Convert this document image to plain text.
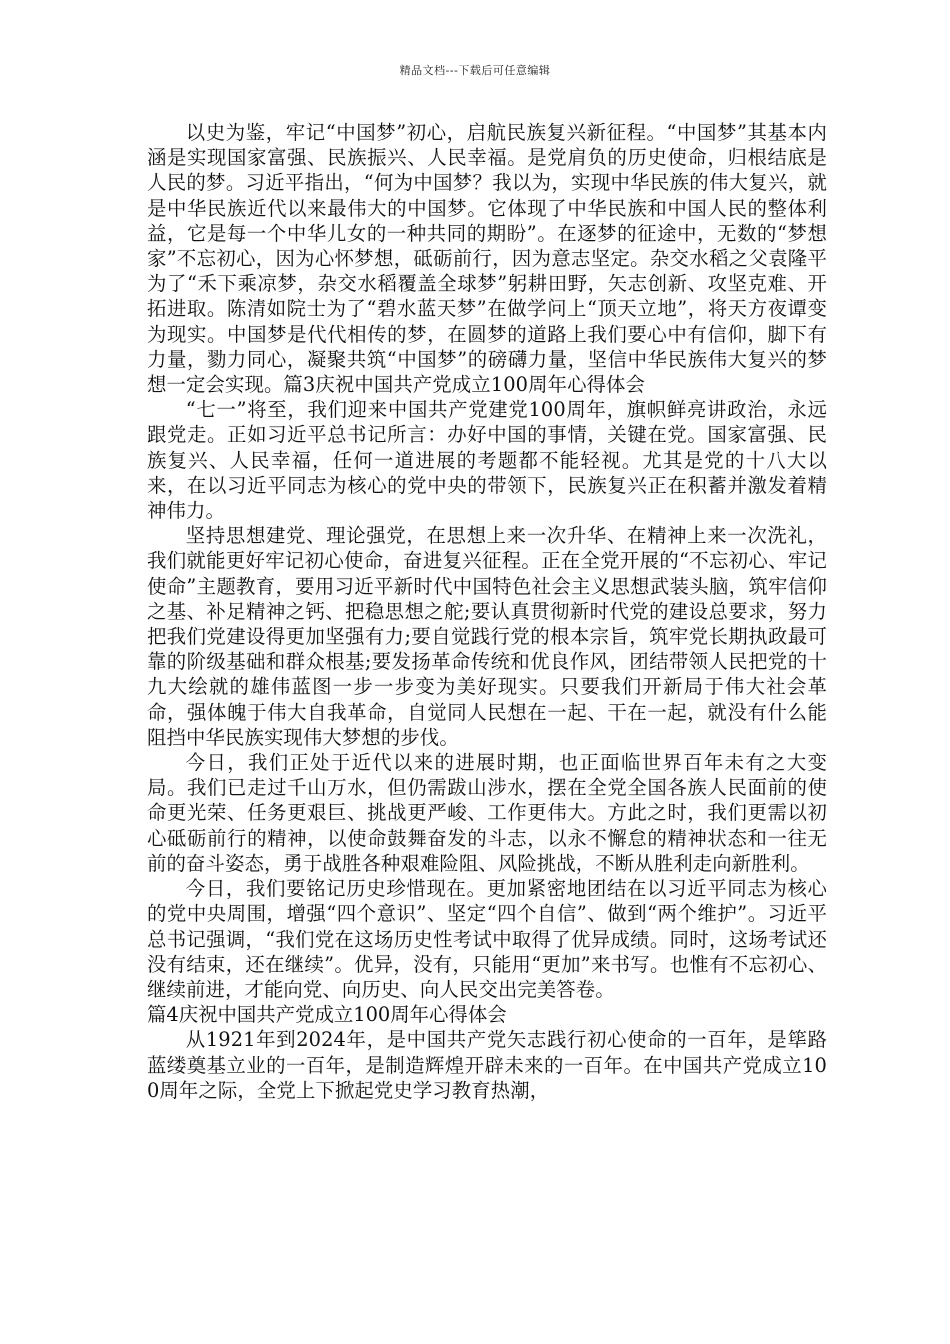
精品文档---下载后可任意编辑

以史为鉴，牢记“中国梦”初心，启航民族复兴新征程。“中国梦”其基本内涵是实现国家富强、民族振兴、人民幸福。是党肩负的历史使命，归根结底是人民的梦。习近平指出，“何为中国梦？我以为，实现中华民族的伟大复兴，就是中华民族近代以来最伟大的中国梦。它体现了中华民族和中国人民的整体利益，它是每一个中华儿女的一种共同的期盼”。在逐梦的征途中，无数的“梦想家”不忘初心，因为心怀梦想，砥砺前行，因为意志坚定。杂交水稻之父袁隆平为了“禾下乘凉梦，杂交水稻覆盖全球梦”躬耕田野，矢志创新、攻坚克难、开拓进取。陈清如院士为了“碧水蓝天梦”在做学问上“顶天立地”，将天方夜谭变为现实。中国梦是代代相传的梦，在圆梦的道路上我们要心中有信仰，脚下有力量，勠力同心，凝聚共筑“中国梦”的磅礴力量，坚信中华民族伟大复兴的梦想一定会实现。篇3庆祝中国共产党成立100周年心得体会

“七一”将至，我们迎来中国共产党建党100周年，旗帜鲜亮讲政治，永远跟党走。正如习近平总书记所言：办好中国的事情，关键在党。国家富强、民族复兴、人民幸福，任何一道进展的考题都不能轻视。尤其是党的十八大以来，在以习近平同志为核心的党中央的带领下，民族复兴正在积蓄并激发着精神伟力。

坚持思想建党、理论强党，在思想上来一次升华、在精神上来一次洗礼，我们就能更好牢记初心使命，奋进复兴征程。正在全党开展的“不忘初心、牢记使命”主题教育，要用习近平新时代中国特色社会主义思想武装头脑，筑牢信仰之基、补足精神之钙、把稳思想之舵;要认真贯彻新时代党的建设总要求，努力把我们党建设得更加坚强有力;要自觉践行党的根本宗旨，筑牢党长期执政最可靠的阶级基础和群众根基;要发扬革命传统和优良作风，团结带领人民把党的十九大绘就的雄伟蓝图一步一步变为美好现实。只要我们开新局于伟大社会革命，强体魄于伟大自我革命，自觉同人民想在一起、干在一起，就没有什么能阻挡中华民族实现伟大梦想的步伐。

今日，我们正处于近代以来的进展时期，也正面临世界百年未有之大变局。我们已走过千山万水，但仍需跋山涉水，摆在全党全国各族人民面前的使命更光荣、任务更艰巨、挑战更严峻、工作更伟大。方此之时，我们更需以初心砥砺前行的精神，以使命鼓舞奋发的斗志，以永不懈怠的精神状态和一往无前的奋斗姿态，勇于战胜各种艰难险阻、风险挑战，不断从胜利走向新胜利。

今日，我们要铭记历史珍惜现在。更加紧密地团结在以习近平同志为核心的党中央周围，增强“四个意识”、坚定“四个自信”、做到“两个维护”。习近平总书记强调，“我们党在这场历史性考试中取得了优异成绩。同时，这场考试还没有结束，还在继续”。优异，没有，只能用“更加”来书写。也惟有不忘初心、继续前进，才能向党、向历史、向人民交出完美答卷。

篇4庆祝中国共产党成立100周年心得体会

从1921年到2024年，是中国共产党矢志践行初心使命的一百年，是筚路蓝缕奠基立业的一百年，是制造辉煌开辟未来的一百年。在中国共产党成立100周年之际，全党上下掀起党史学习教育热潮，
